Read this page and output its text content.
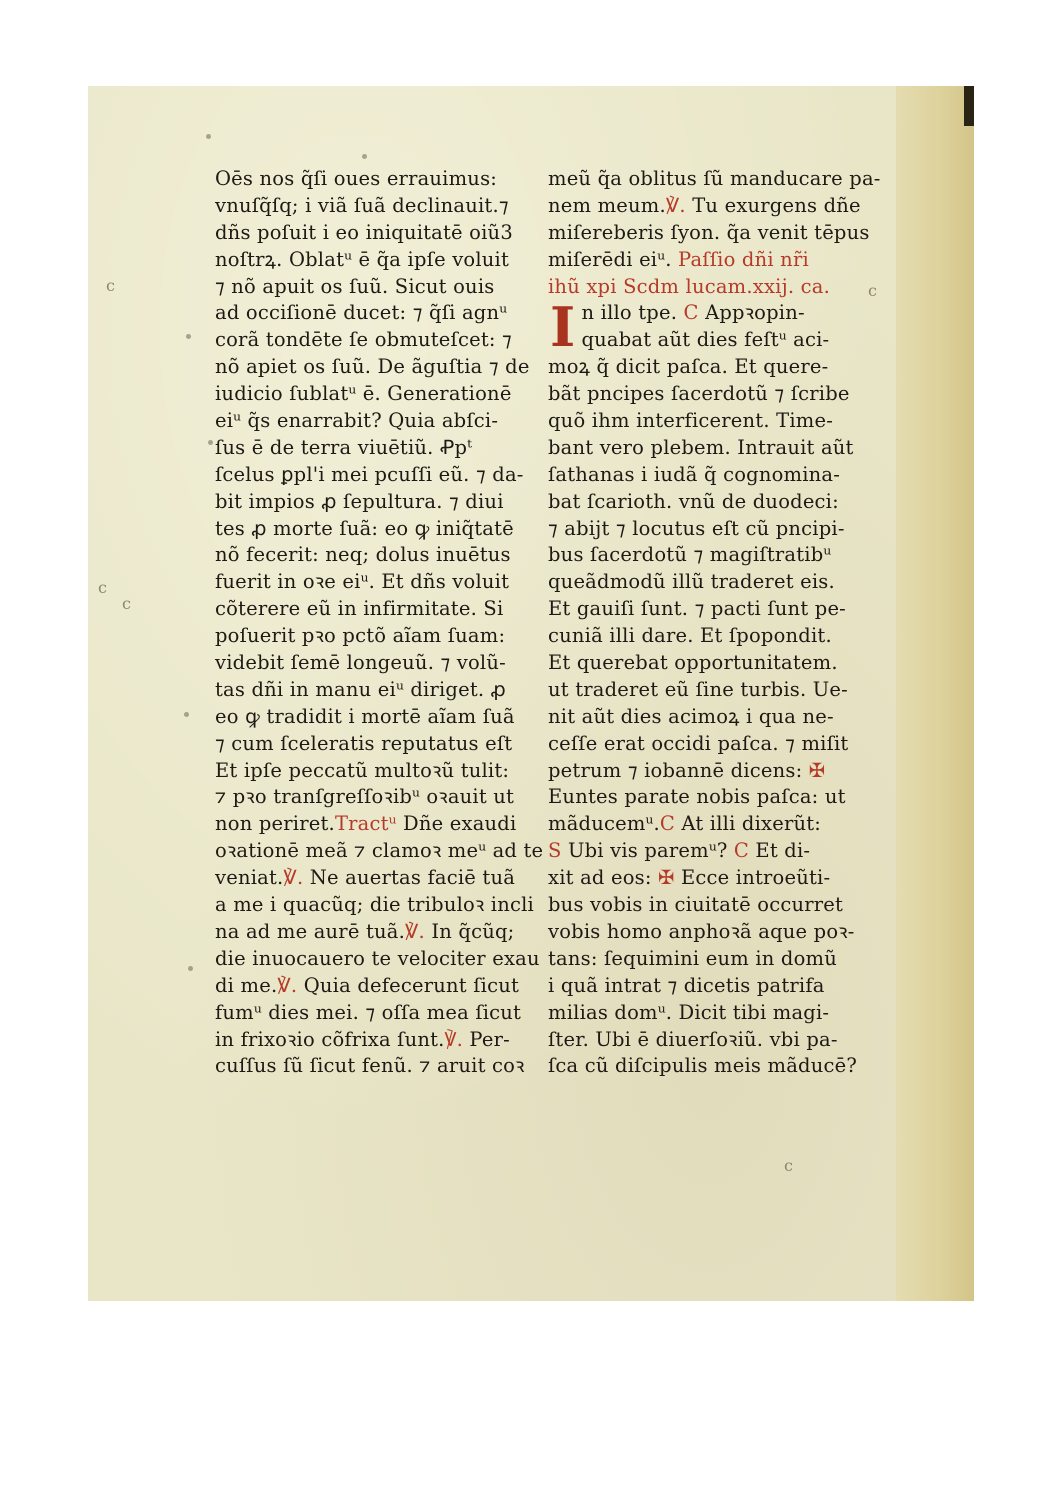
c
c
c
c
c
Oēs nos q̃ſi oues errauimus:
vnuſq̃ſq; i viã ſuã declinauit.⁊
dñs poſuit i eo iniquitatē oiũ3
noſtrꝝ. Oblatᵘ ē q̃a ipſe voluit
⁊ nõ apuit os ſuũ. Sicut ouis
ad occiſionē ducet: ⁊ q̃ſi agnᵘ
corã tondēte ſe obmuteſcet: ⁊
nõ apiet os ſuũ. De ãguſtia ⁊ de
iudicio ſublatᵘ ē. Generationē
eiᵘ q̃s enarrabit? Quia abſci-
ſus ē de terra viuētiũ. Ꝓpᵗ
ſcelus ꝑpl'i mei pcuſſi eũ. ⁊ da-
bit impios ꝓ ſepultura. ⁊ diui
tes ꝓ morte ſuã: eo ꝙ iniq̃tatē
nõ fecerit: neq; dolus inuētus
fuerit in oꝛe eiᵘ. Et dñs voluit
cõterere eũ in infirmitate. Si
poſuerit pꝛo pctõ aĩam ſuam:
videbit ſemē longeuũ. ⁊ volũ-
tas dñi in manu eiᵘ diriget. ꝓ
eo ꝙ tradidit i mortē aĩam ſuã
⁊ cum ſceleratis reputatus eſt
Et ipſe peccatũ multoꝛũ tulit:
⁊ pꝛo tranſgreſſoꝛibᵘ oꝛauit ut
non periret.Tractᵘ Dñe exaudi
oꝛationē meã ⁊ clamoꝛ meᵘ ad te
veniat.℣. Ne auertas faciē tuã
a me i quacũq; die tribuloꝛ incli
na ad me aurē tuã.℣. In q̃cũq;
die inuocauero te velociter exau
di me.℣. Quia defecerunt ſicut
fumᵘ dies mei. ⁊ oſſa mea ſicut
in frixoꝛio cõfrixa ſunt.℣. Per-
cuſſus ſũ ſicut fenũ. ⁊ aruit coꝛ
meũ q̃a oblitus ſũ manducare pa-
nem meum.℣. Tu exurgens dñe
miſereberis ſyon. q̃a venit tēpus
miſerēdi eiᵘ. Paſſio dñi nr̃i
ihũ xpi Scdm lucam.xxij. ca.
In illo tpe. C Appꝛopin-
quabat aũt dies feſtᵘ aci-
moꝝ q̃ dicit paſca. Et quere-
bãt pncipes ſacerdotũ ⁊ ſcribe
quõ ihm interficerent. Time-
bant vero plebem. Intrauit aũt
ſathanas i iudã q̃ cognomina-
bat ſcarioth. vnũ de duodeci:
⁊ abijt ⁊ locutus eſt cũ pncipi-
bus ſacerdotũ ⁊ magiſtratibᵘ
queãdmodũ illũ traderet eis.
Et gauiſi ſunt. ⁊ pacti ſunt pe-
cuniã illi dare. Et ſpopondit.
Et querebat opportunitatem.
ut traderet eũ ſine turbis. Ue-
nit aũt dies acimoꝝ i qua ne-
ceſſe erat occidi paſca. ⁊ miſit
petrum ⁊ iobannē dicens: ✠
Euntes parate nobis paſca: ut
mãducemᵘ.C At illi dixerũt:
S Ubi vis paremᵘ? C Et di-
xit ad eos: ✠ Ecce introeũti-
bus vobis in ciuitatē occurret
vobis homo anphoꝛã aque poꝛ-
tans: ſequimini eum in domũ
i quã intrat ⁊ dicetis patrifa
milias domᵘ. Dicit tibi magi-
ſter. Ubi ē diuerſoꝛiũ. vbi pa-
ſca cũ diſcipulis meis mãducē?
